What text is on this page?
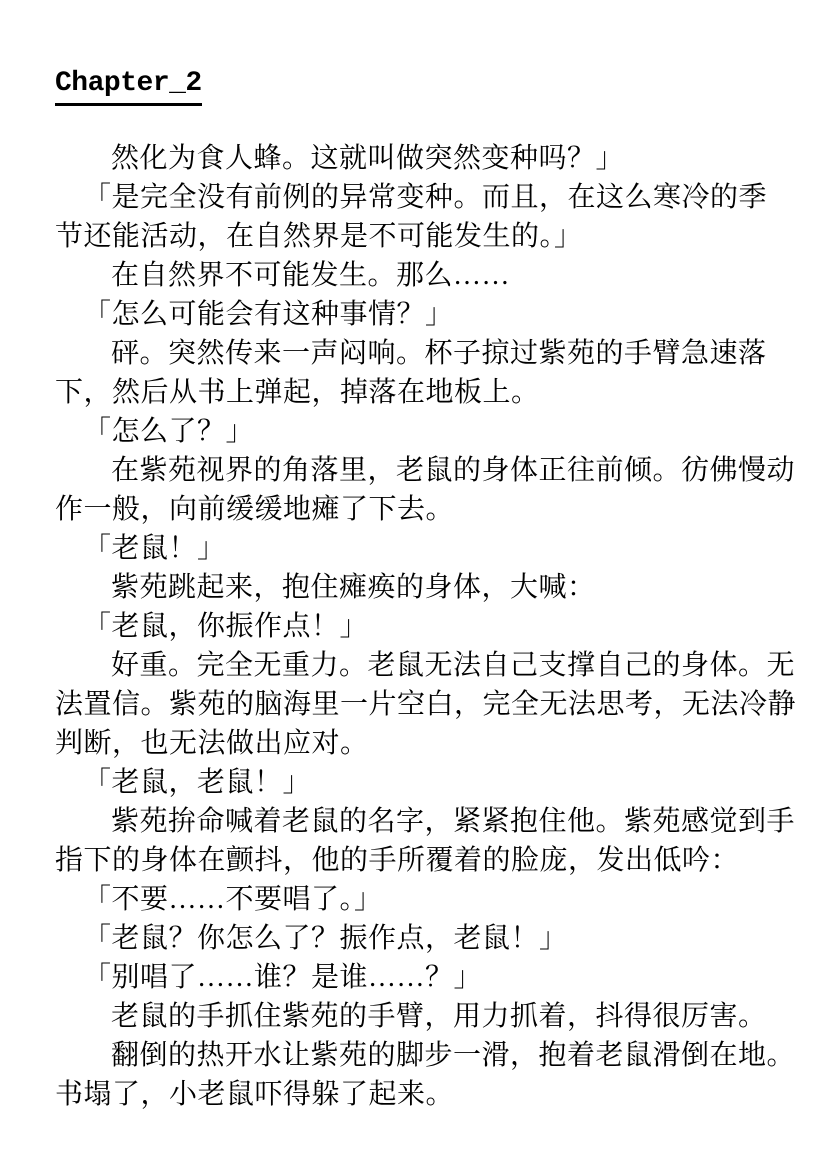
Chapter_2
然化为食人蜂。这就叫做突然变种吗？」
「是完全没有前例的异常变种。而且，在这么寒冷的季
节还能活动，在自然界是不可能发生的。」
在自然界不可能发生。那么……
「怎么可能会有这种事情？」
砰。突然传来一声闷响。杯子掠过紫苑的手臂急速落
下，然后从书上弹起，掉落在地板上。
「怎么了？」
在紫苑视界的角落里，老鼠的身体正往前倾。彷佛慢动
作一般，向前缓缓地瘫了下去。
「老鼠！」
紫苑跳起来，抱住瘫痪的身体，大喊：
「老鼠，你振作点！」
好重。完全无重力。老鼠无法自己支撑自己的身体。无
法置信。紫苑的脑海里一片空白，完全无法思考，无法冷静
判断，也无法做出应对。
「老鼠，老鼠！」
紫苑拚命喊着老鼠的名字，紧紧抱住他。紫苑感觉到手
指下的身体在颤抖，他的手所覆着的脸庞，发出低吟：
「不要……不要唱了。」
「老鼠？你怎么了？振作点，老鼠！」
「别唱了……谁？是谁……？」
老鼠的手抓住紫苑的手臂，用力抓着，抖得很厉害。
翻倒的热开水让紫苑的脚步一滑，抱着老鼠滑倒在地。
书塌了，小老鼠吓得躲了起来。
